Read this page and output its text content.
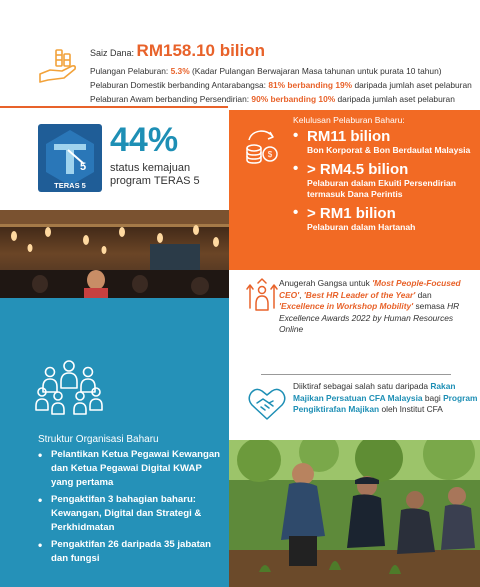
Saiz Dana: RM158.10 bilion
Pulangan Pelaburan: 5.3% (Kadar Pulangan Berwajaran Masa tahunan untuk purata 10 tahun)
Pelaburan Domestik berbanding Antarabangsa: 81% berbanding 19% daripada jumlah aset pelaburan
Pelaburan Awam berbanding Persendirian: 90% berbanding 10% daripada jumlah aset pelaburan
5
TERAS 5
44%
status kemajuan program TERAS 5
Struktur Organisasi Baharu
• Pelantikan Ketua Pegawai Kewangan dan Ketua Pegawai Digital KWAP yang pertama
• Pengaktifan 3 bahagian baharu: Kewangan, Digital dan Strategi & Perkhidmatan
• Pengaktifan 26 daripada 35 jabatan dan fungsi
$
Kelulusan Pelaburan Baharu:
• RM11 bilion
Bon Korporat & Bon Berdaulat Malaysia
• > RM4.5 bilion
Pelaburan dalam Ekuiti Persendirian termasuk Dana Perintis
• > RM1 bilion
Pelaburan dalam Hartanah
Anugerah Gangsa untuk 'Most People-Focused CEO', 'Best HR Leader of the Year' dan 'Excellence in Workshop Mobility' semasa HR Excellence Awards 2022 by Human Resources Online
Diiktiraf sebagai salah satu daripada Rakan Majikan Persatuan CFA Malaysia bagi Program Pengiktirafan Majikan oleh Institut CFA
